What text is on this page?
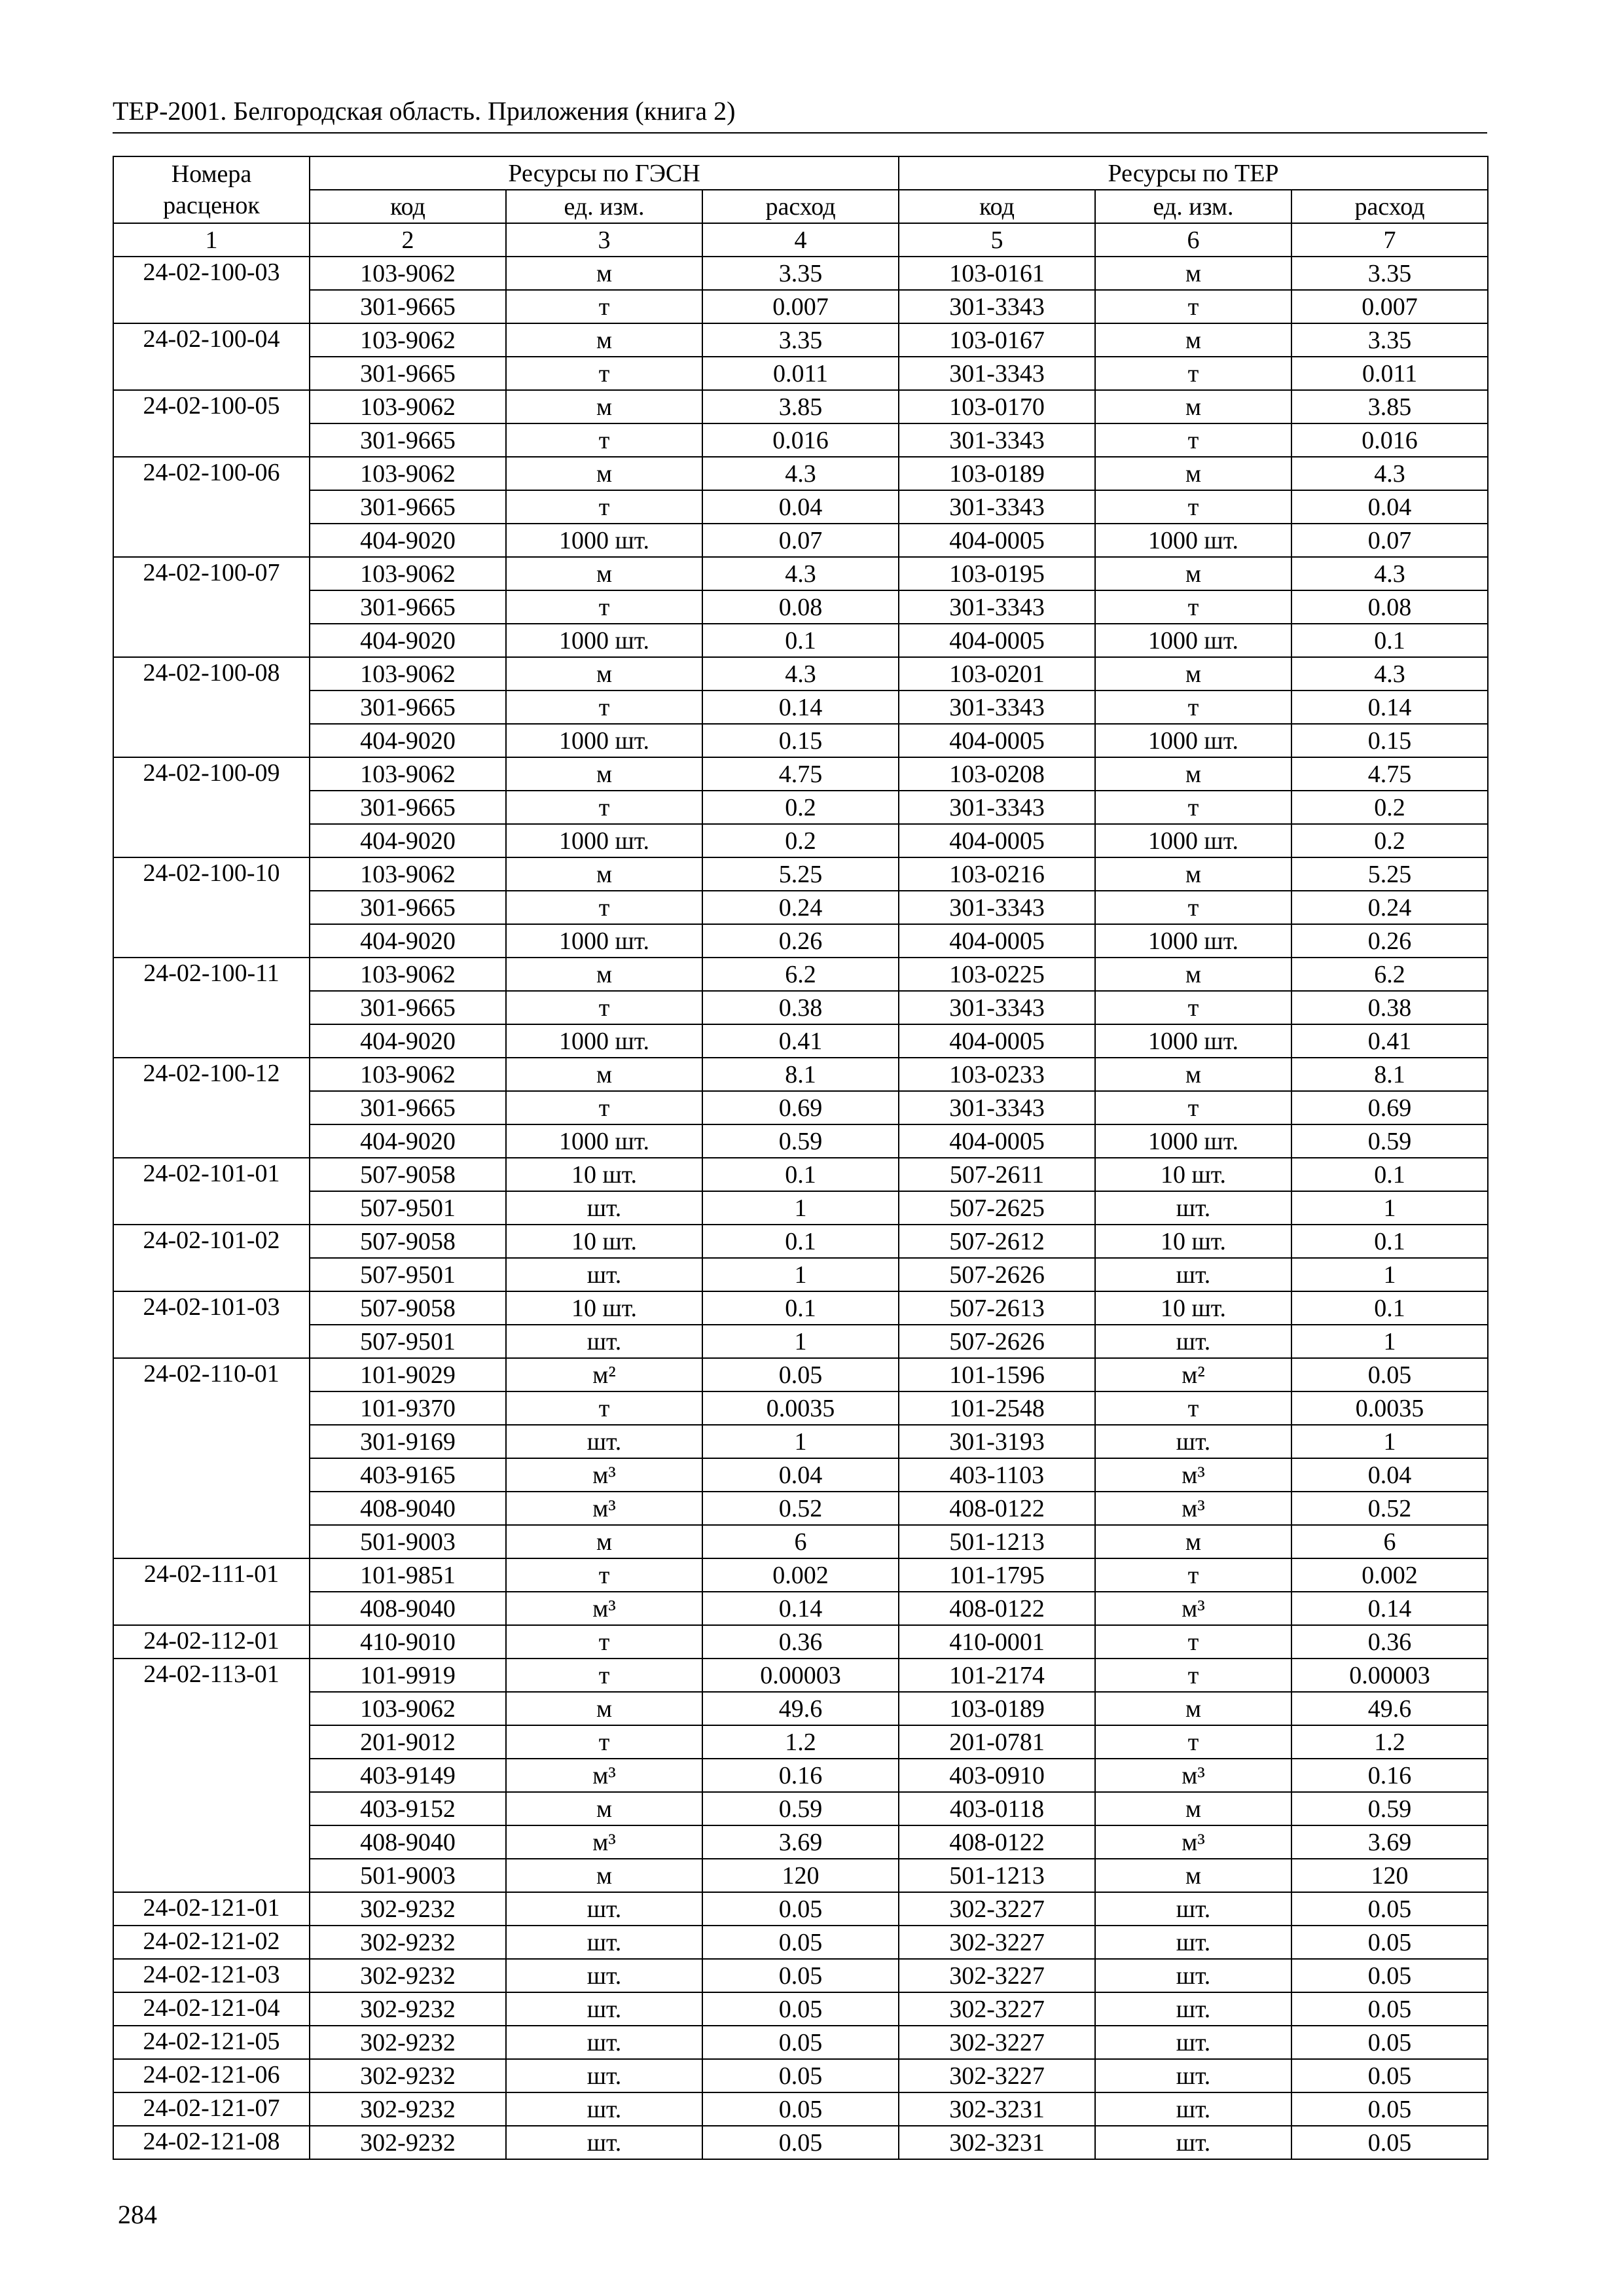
ТЕР-2001. Белгородская область. Приложения (книга 2)
Номера
расценок	Ресурсы по ГЭСН			Ресурсы по ТЕР		
	код	ед. изм.	расход	код	ед. изм.	расход
1	2	3	4	5	6	7
24-02-100-03	103-9062	м	3.35	103-0161	м	3.35
	301-9665	т	0.007	301-3343	т	0.007
24-02-100-04	103-9062	м	3.35	103-0167	м	3.35
	301-9665	т	0.011	301-3343	т	0.011
24-02-100-05	103-9062	м	3.85	103-0170	м	3.85
	301-9665	т	0.016	301-3343	т	0.016
24-02-100-06	103-9062	м	4.3	103-0189	м	4.3
	301-9665	т	0.04	301-3343	т	0.04
	404-9020	1000 шт.	0.07	404-0005	1000 шт.	0.07
24-02-100-07	103-9062	м	4.3	103-0195	м	4.3
	301-9665	т	0.08	301-3343	т	0.08
	404-9020	1000 шт.	0.1	404-0005	1000 шт.	0.1
24-02-100-08	103-9062	м	4.3	103-0201	м	4.3
	301-9665	т	0.14	301-3343	т	0.14
	404-9020	1000 шт.	0.15	404-0005	1000 шт.	0.15
24-02-100-09	103-9062	м	4.75	103-0208	м	4.75
	301-9665	т	0.2	301-3343	т	0.2
	404-9020	1000 шт.	0.2	404-0005	1000 шт.	0.2
24-02-100-10	103-9062	м	5.25	103-0216	м	5.25
	301-9665	т	0.24	301-3343	т	0.24
	404-9020	1000 шт.	0.26	404-0005	1000 шт.	0.26
24-02-100-11	103-9062	м	6.2	103-0225	м	6.2
	301-9665	т	0.38	301-3343	т	0.38
	404-9020	1000 шт.	0.41	404-0005	1000 шт.	0.41
24-02-100-12	103-9062	м	8.1	103-0233	м	8.1
	301-9665	т	0.69	301-3343	т	0.69
	404-9020	1000 шт.	0.59	404-0005	1000 шт.	0.59
24-02-101-01	507-9058	10 шт.	0.1	507-2611	10 шт.	0.1
	507-9501	шт.	1	507-2625	шт.	1
24-02-101-02	507-9058	10 шт.	0.1	507-2612	10 шт.	0.1
	507-9501	шт.	1	507-2626	шт.	1
24-02-101-03	507-9058	10 шт.	0.1	507-2613	10 шт.	0.1
	507-9501	шт.	1	507-2626	шт.	1
24-02-110-01	101-9029	м²	0.05	101-1596	м²	0.05
	101-9370	т	0.0035	101-2548	т	0.0035
	301-9169	шт.	1	301-3193	шт.	1
	403-9165	м³	0.04	403-1103	м³	0.04
	408-9040	м³	0.52	408-0122	м³	0.52
	501-9003	м	6	501-1213	м	6
24-02-111-01	101-9851	т	0.002	101-1795	т	0.002
	408-9040	м³	0.14	408-0122	м³	0.14
24-02-112-01	410-9010	т	0.36	410-0001	т	0.36
24-02-113-01	101-9919	т	0.00003	101-2174	т	0.00003
	103-9062	м	49.6	103-0189	м	49.6
	201-9012	т	1.2	201-0781	т	1.2
	403-9149	м³	0.16	403-0910	м³	0.16
	403-9152	м	0.59	403-0118	м	0.59
	408-9040	м³	3.69	408-0122	м³	3.69
	501-9003	м	120	501-1213	м	120
24-02-121-01	302-9232	шт.	0.05	302-3227	шт.	0.05
24-02-121-02	302-9232	шт.	0.05	302-3227	шт.	0.05
24-02-121-03	302-9232	шт.	0.05	302-3227	шт.	0.05
24-02-121-04	302-9232	шт.	0.05	302-3227	шт.	0.05
24-02-121-05	302-9232	шт.	0.05	302-3227	шт.	0.05
24-02-121-06	302-9232	шт.	0.05	302-3227	шт.	0.05
24-02-121-07	302-9232	шт.	0.05	302-3231	шт.	0.05
24-02-121-08	302-9232	шт.	0.05	302-3231	шт.	0.05
284
